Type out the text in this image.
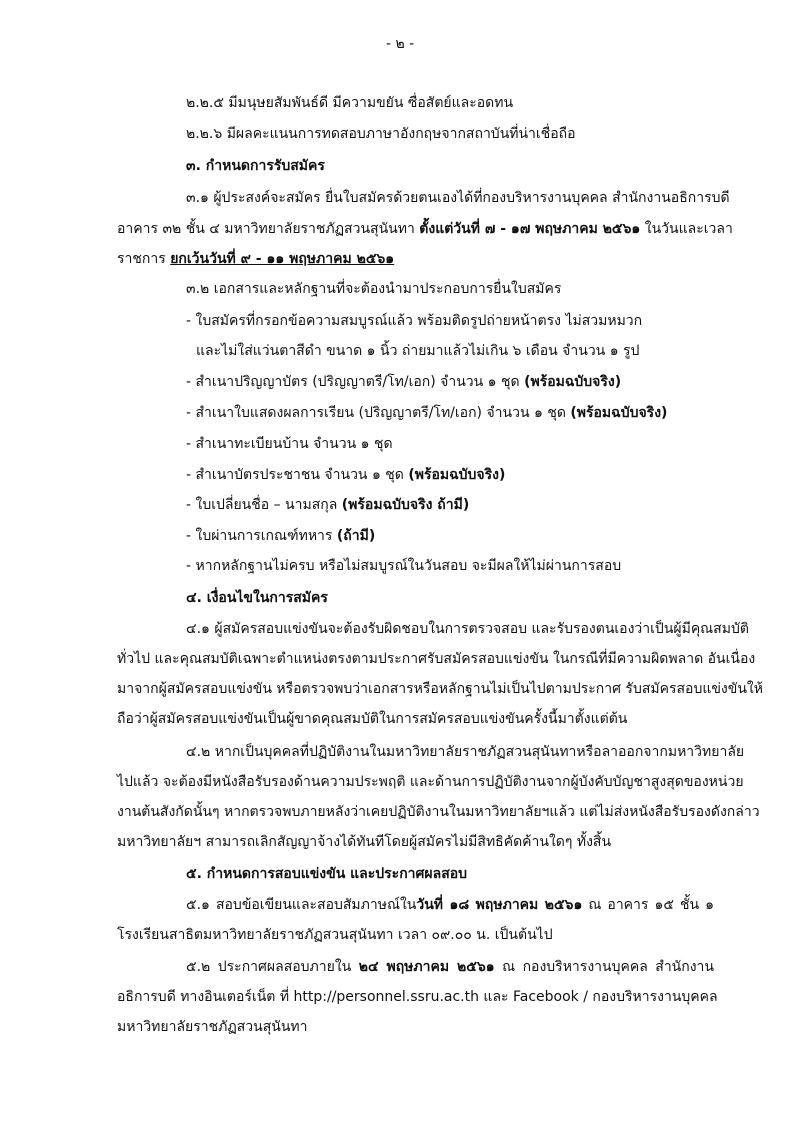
- ๒ -

๒.๒.๕ มีมนุษยสัมพันธ์ดี มีความขยัน ซื่อสัตย์และอดทน

๒.๒.๖ มีผลคะแนนการทดสอบภาษาอังกฤษจากสถาบันที่น่าเชื่อถือ

๓. กำหนดการรับสมัคร

๓.๑ ผู้ประสงค์จะสมัคร ยื่นใบสมัครด้วยตนเองได้ที่กองบริหารงานบุคคล สำนักงานอธิการบดี

อาคาร ๓๒ ชั้น ๔ มหาวิทยาลัยราชภัฏสวนสุนันทา ตั้งแต่วันที่ ๗ - ๑๗ พฤษภาคม ๒๕๖๑ ในวันและเวลา

ราชการ ยกเว้นวันที่ ๙ - ๑๑ พฤษภาคม ๒๕๖๑

๓.๒ เอกสารและหลักฐานที่จะต้องนำมาประกอบการยื่นใบสมัคร

- ใบสมัครที่กรอกข้อความสมบูรณ์แล้ว พร้อมติดรูปถ่ายหน้าตรง ไม่สวมหมวก

และไม่ใส่แว่นตาสีดำ ขนาด ๑ นิ้ว ถ่ายมาแล้วไม่เกิน ๖ เดือน จำนวน ๑ รูป

- สำเนาปริญญาบัตร (ปริญญาตรี/โท/เอก) จำนวน ๑ ชุด (พร้อมฉบับจริง)

- สำเนาใบแสดงผลการเรียน (ปริญญาตรี/โท/เอก) จำนวน ๑ ชุด (พร้อมฉบับจริง)

- สำเนาทะเบียนบ้าน จำนวน ๑ ชุด

- สำเนาบัตรประชาชน จำนวน ๑ ชุด (พร้อมฉบับจริง)

- ใบเปลี่ยนชื่อ – นามสกุล (พร้อมฉบับจริง ถ้ามี)

- ใบผ่านการเกณฑ์ทหาร (ถ้ามี)

- หากหลักฐานไม่ครบ หรือไม่สมบูรณ์ในวันสอบ จะมีผลให้ไม่ผ่านการสอบ

๔. เงื่อนไขในการสมัคร

๔.๑ ผู้สมัครสอบแข่งขันจะต้องรับผิดชอบในการตรวจสอบ และรับรองตนเองว่าเป็นผู้มีคุณสมบัติ

ทั่วไป และคุณสมบัติเฉพาะตำแหน่งตรงตามประกาศรับสมัครสอบแข่งขัน ในกรณีที่มีความผิดพลาด อันเนื่อง

มาจากผู้สมัครสอบแข่งขัน หรือตรวจพบว่าเอกสารหรือหลักฐานไม่เป็นไปตามประกาศ รับสมัครสอบแข่งขันให้

ถือว่าผู้สมัครสอบแข่งขันเป็นผู้ขาดคุณสมบัติในการสมัครสอบแข่งขันครั้งนี้มาตั้งแต่ต้น

๔.๒ หากเป็นบุคคลที่ปฏิบัติงานในมหาวิทยาลัยราชภัฏสวนสุนันทาหรือลาออกจากมหาวิทยาลัย

ไปแล้ว จะต้องมีหนังสือรับรองด้านความประพฤติ และด้านการปฏิบัติงานจากผู้บังคับบัญชาสูงสุดของหน่วย

งานต้นสังกัดนั้นๆ หากตรวจพบภายหลังว่าเคยปฏิบัติงานในมหาวิทยาลัยฯแล้ว แต่ไม่ส่งหนังสือรับรองดังกล่าว

มหาวิทยาลัยฯ สามารถเลิกสัญญาจ้างได้ทันทีโดยผู้สมัครไม่มีสิทธิคัดค้านใดๆ ทั้งสิ้น

๕. กำหนดการสอบแข่งขัน และประกาศผลสอบ

๕.๑ สอบข้อเขียนและสอบสัมภาษณ์ในวันที่ ๑๘ พฤษภาคม ๒๕๖๑ ณ อาคาร ๑๕ ชั้น ๑

โรงเรียนสาธิตมหาวิทยาลัยราชภัฏสวนสุนันทา เวลา ๐๙.๐๐ น. เป็นต้นไป

๕.๒ ประกาศผลสอบภายใน ๒๔ พฤษภาคม ๒๕๖๑ ณ กองบริหารงานบุคคล สำนักงาน

อธิการบดี ทางอินเตอร์เน็ต ที่ http://personnel.ssru.ac.th และ Facebook / กองบริหารงานบุคคล

มหาวิทยาลัยราชภัฏสวนสุนันทา
